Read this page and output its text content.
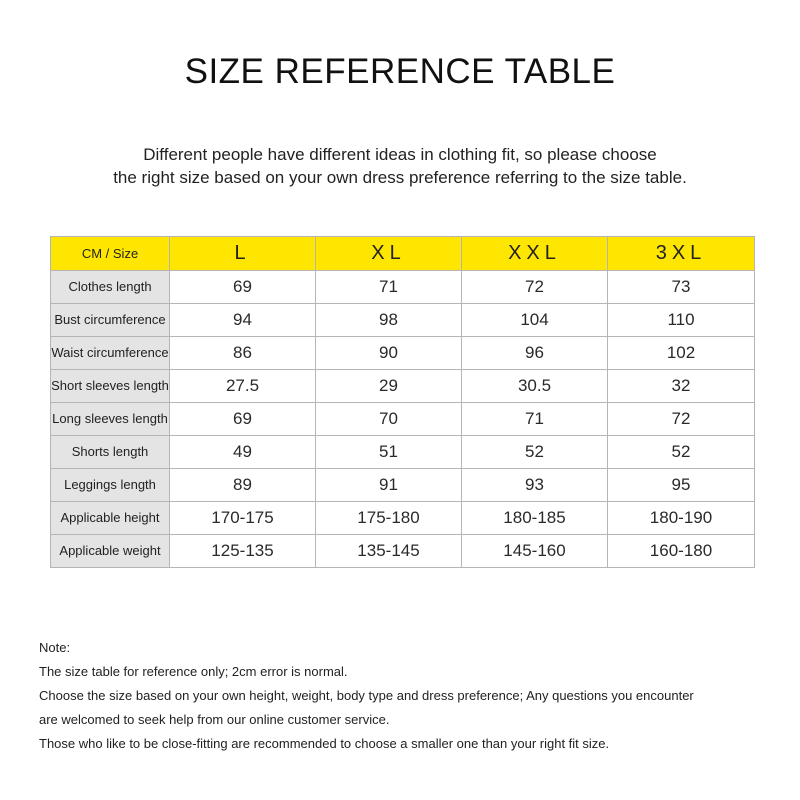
SIZE REFERENCE TABLE
Different people have different ideas in clothing fit, so please choose
the right size based on your own dress preference referring to the size table.
CM / Size	L	XL	XXL	3XL
Clothes length	69	71	72	73
Bust circumference	94	98	104	110
Waist circumference	86	90	96	102
Short sleeves length	27.5	29	30.5	32
Long sleeves length	69	70	71	72
Shorts length	49	51	52	52
Leggings length	89	91	93	95
Applicable height	170-175	175-180	180-185	180-190
Applicable weight	125-135	135-145	145-160	160-180
Note:
The size table for reference only; 2cm error is normal.
Choose the size based on your own height, weight, body type and dress preference; Any questions you encounter
are welcomed to seek help from our online customer service.
Those who like to be close-fitting are recommended to choose a smaller one than your right fit size.
